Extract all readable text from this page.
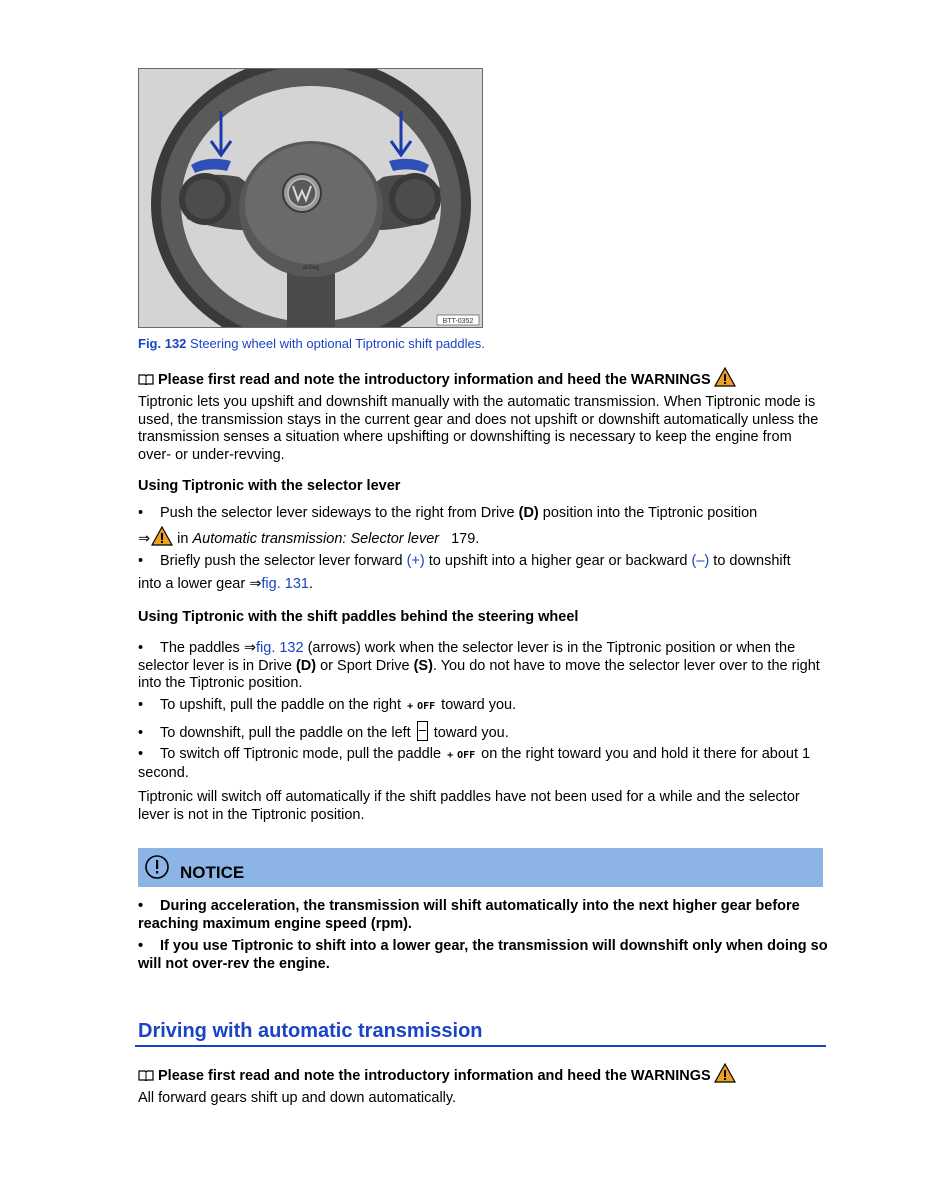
airbag
BTT-0352
Fig. 132 Steering wheel with optional Tiptronic shift paddles.

Please first read and note the introductory information and heed the WARNINGS

Tiptronic lets you upshift and downshift manually with the automatic transmission. When Tiptronic mode is used, the transmission stays in the current gear and does not upshift or downshift automatically unless the transmission senses a situation where upshifting or downshifting is necessary to keep the engine from over- or under-revving.

Using Tiptronic with the selector lever

• Push the selector lever sideways to the right from Drive (D) position into the Tiptronic position

⇒ in Automatic transmission: Selector lever 179.

• Briefly push the selector lever forward (+) to upshift into a higher gear or backward (–) to downshift

into a lower gear ⇒fig. 131.

Using Tiptronic with the shift paddles behind the steering wheel

• The paddles ⇒fig. 132 (arrows) work when the selector lever is in the Tiptronic position or when the selector lever is in Drive (D) or Sport Drive (S). You do not have to move the selector lever over to the right into the Tiptronic position.

• To upshift, pull the paddle on the right + OFF toward you.

• To downshift, pull the paddle on the left  toward you.

• To switch off Tiptronic mode, pull the paddle + OFF on the right toward you and hold it there for about 1 second.

Tiptronic will switch off automatically if the shift paddles have not been used for a while and the selector lever is not in the Tiptronic position.

NOTICE

• During acceleration, the transmission will shift automatically into the next higher gear before reaching maximum engine speed (rpm).

• If you use Tiptronic to shift into a lower gear, the transmission will downshift only when doing so will not over-rev the engine.

Driving with automatic transmission

Please first read and note the introductory information and heed the WARNINGS

All forward gears shift up and down automatically.
